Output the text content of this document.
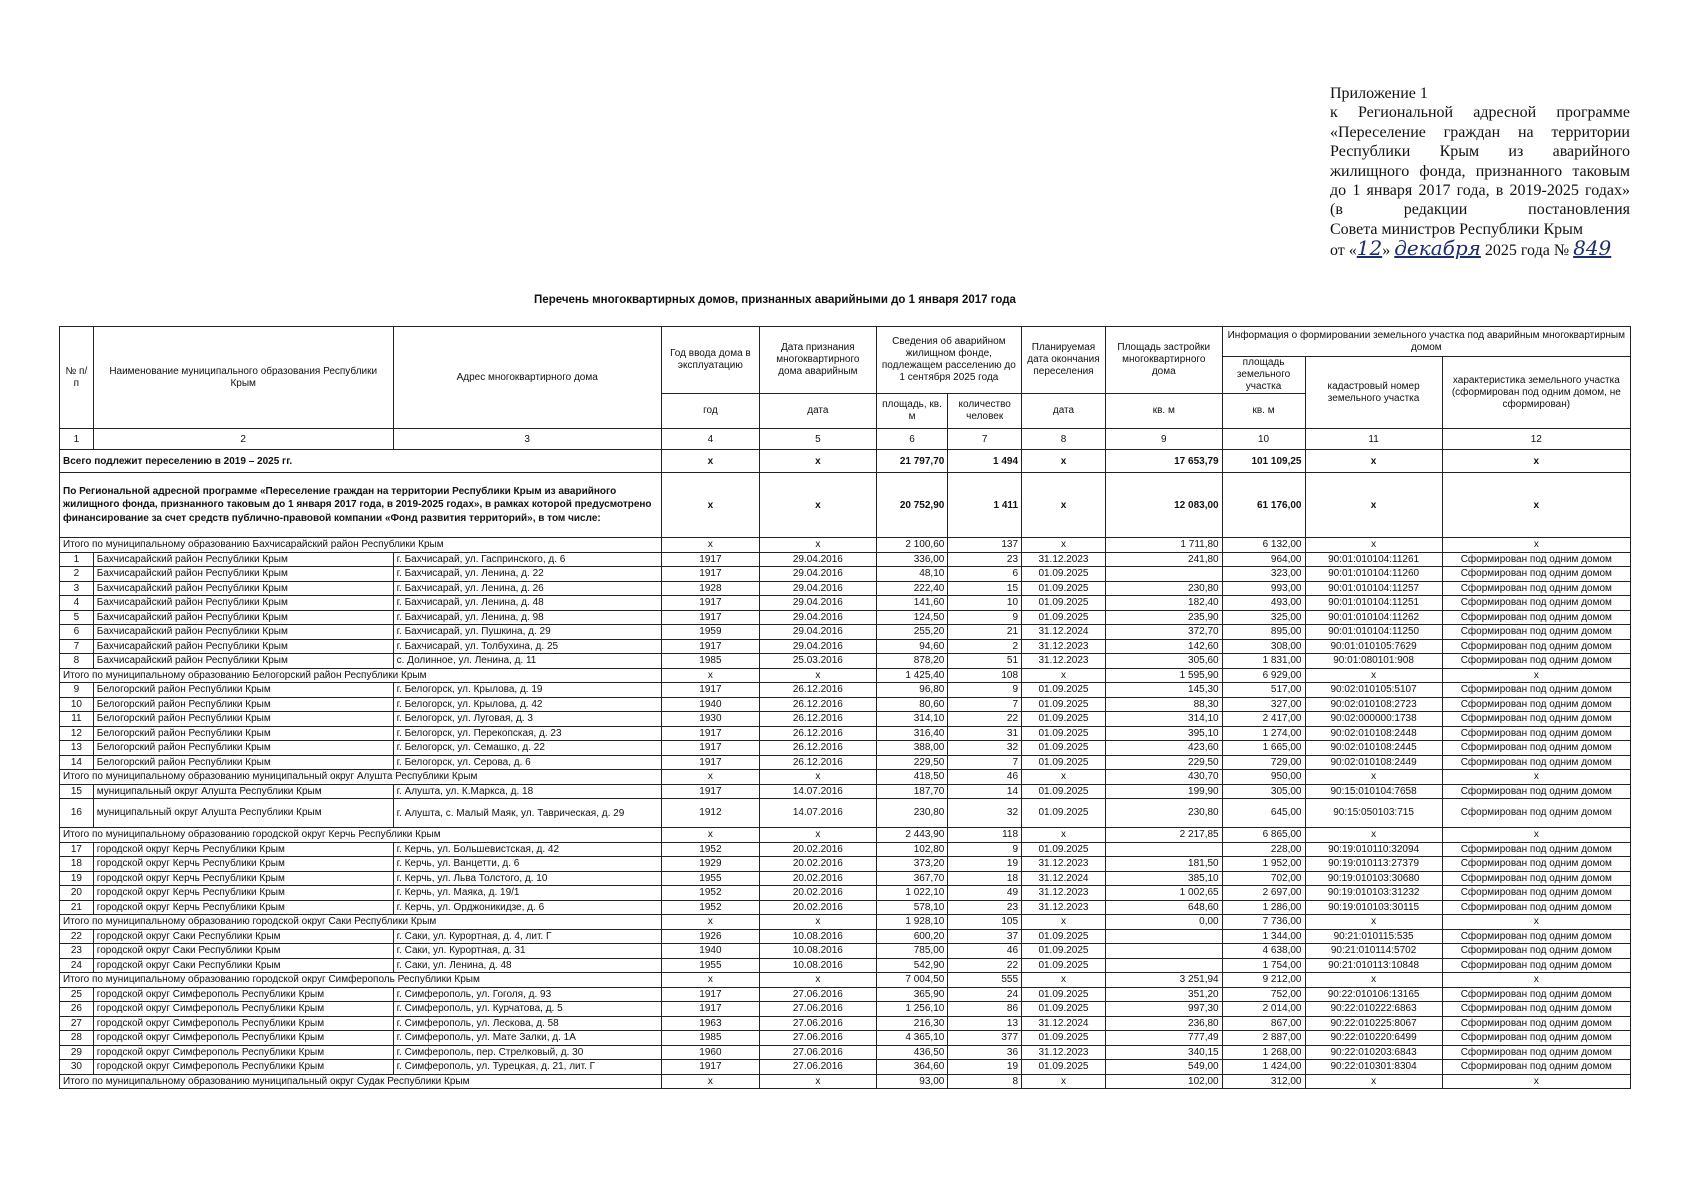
Приложение 1
к Региональной адресной программе
«Переселение граждан на территории
Республики Крым из аварийного
жилищного фонда, признанного таковым
до 1 января 2017 года, в 2019-2025 годах»
(в редакции постановления
Совета министров Республики Крым
от «12» декабря 2025 года № 849
Перечень многоквартирных домов, признанных аварийными до 1 января 2017 года
№ п/п	Наименование муниципального образования Республики Крым	Адрес многоквартирного дома	Год ввода дома в эксплуатацию	Дата признания многоквартирного дома аварийным	Сведения об аварийном жилищном фонде, подлежащем расселению до 1 сентября 2025 года		Планируемая дата окончания переселения	Площадь застройки многоквартирного дома	Информация о формировании земельного участка под аварийным многоквартирным домом		
									площадь земельного участка	кадастровый номер земельного участка	характеристика земельного участка (сформирован под одним домом, не сформирован)
			год	дата	площадь, кв. м	количество человек	дата	кв. м	кв. м		
1	2	3	4	5	6	7	8	9	10	11	12
Всего подлежит переселению в 2019 – 2025 гг.			х	х	21 797,70	1 494	х	17 653,79	101 109,25	х	х
По Региональной адресной программе «Переселение граждан на территории Республики Крым из аварийного жилищного фонда, признанного таковым до 1 января 2017 года, в 2019-2025 годах», в рамках которой предусмотрено финансирование за счет средств публично-правовой компании «Фонд развития территорий», в том числе:			х	х	20 752,90	1 411	х	12 083,00	61 176,00	х	х
Итого по муниципальному образованию Бахчисарайский район Республики Крым			х	х	2 100,60	137	х	1 711,80	6 132,00	х	х
1	Бахчисарайский район Республики Крым	г. Бахчисарай, ул. Гаспринского, д. 6	1917	29.04.2016	336,00	23	31.12.2023	241,80	964,00	90:01:010104:11261	Сформирован под одним домом
2	Бахчисарайский район Республики Крым	г. Бахчисарай, ул. Ленина, д. 22	1917	29.04.2016	48,10	6	01.09.2025		323,00	90:01:010104:11260	Сформирован под одним домом
3	Бахчисарайский район Республики Крым	г. Бахчисарай, ул. Ленина, д. 26	1928	29.04.2016	222,40	15	01.09.2025	230,80	993,00	90:01:010104:11257	Сформирован под одним домом
4	Бахчисарайский район Республики Крым	г. Бахчисарай, ул. Ленина, д. 48	1917	29.04.2016	141,60	10	01.09.2025	182,40	493,00	90:01:010104:11251	Сформирован под одним домом
5	Бахчисарайский район Республики Крым	г. Бахчисарай, ул. Ленина, д. 98	1917	29.04.2016	124,50	9	01.09.2025	235,90	325,00	90:01:010104:11262	Сформирован под одним домом
6	Бахчисарайский район Республики Крым	г. Бахчисарай, ул. Пушкина, д. 29	1959	29.04.2016	255,20	21	31.12.2024	372,70	895,00	90:01:010104:11250	Сформирован под одним домом
7	Бахчисарайский район Республики Крым	г. Бахчисарай, ул. Толбухина, д. 25	1917	29.04.2016	94,60	2	31.12.2023	142,60	308,00	90:01:010105:7629	Сформирован под одним домом
8	Бахчисарайский район Республики Крым	с. Долинное, ул. Ленина, д. 11	1985	25.03.2016	878,20	51	31.12.2023	305,60	1 831,00	90:01:080101:908	Сформирован под одним домом
Итого по муниципальному образованию Белогорский район Республики Крым			х	х	1 425,40	108	х	1 595,90	6 929,00	х	х
9	Белогорский район Республики Крым	г. Белогорск, ул. Крылова, д. 19	1917	26.12.2016	96,80	9	01.09.2025	145,30	517,00	90:02:010105:5107	Сформирован под одним домом
10	Белогорский район Республики Крым	г. Белогорск, ул. Крылова, д. 42	1940	26.12.2016	80,60	7	01.09.2025	88,30	327,00	90:02:010108:2723	Сформирован под одним домом
11	Белогорский район Республики Крым	г. Белогорск, ул. Луговая, д. 3	1930	26.12.2016	314,10	22	01.09.2025	314,10	2 417,00	90:02:000000:1738	Сформирован под одним домом
12	Белогорский район Республики Крым	г. Белогорск, ул. Перекопская, д. 23	1917	26.12.2016	316,40	31	01.09.2025	395,10	1 274,00	90:02:010108:2448	Сформирован под одним домом
13	Белогорский район Республики Крым	г. Белогорск, ул. Семашко, д. 22	1917	26.12.2016	388,00	32	01.09.2025	423,60	1 665,00	90:02:010108:2445	Сформирован под одним домом
14	Белогорский район Республики Крым	г. Белогорск, ул. Серова, д. 6	1917	26.12.2016	229,50	7	01.09.2025	229,50	729,00	90:02:010108:2449	Сформирован под одним домом
Итого по муниципальному образованию муниципальный округ Алушта Республики Крым			х	х	418,50	46	х	430,70	950,00	х	х
15	муниципальный округ Алушта Республики Крым	г. Алушта, ул. К.Маркса, д. 18	1917	14.07.2016	187,70	14	01.09.2025	199,90	305,00	90:15:010104:7658	Сформирован под одним домом
16	муниципальный округ Алушта Республики Крым	г. Алушта, с. Малый Маяк, ул. Таврическая, д. 29	1912	14.07.2016	230,80	32	01.09.2025	230,80	645,00	90:15:050103:715	Сформирован под одним домом
Итого по муниципальному образованию городской округ Керчь Республики Крым			х	х	2 443,90	118	х	2 217,85	6 865,00	х	х
17	городской округ Керчь Республики Крым	г. Керчь, ул. Большевистская, д. 42	1952	20.02.2016	102,80	9	01.09.2025		228,00	90:19:010110:32094	Сформирован под одним домом
18	городской округ Керчь Республики Крым	г. Керчь, ул. Ванцетти, д. 6	1929	20.02.2016	373,20	19	31.12.2023	181,50	1 952,00	90:19:010113:27379	Сформирован под одним домом
19	городской округ Керчь Республики Крым	г. Керчь, ул. Льва Толстого, д. 10	1955	20.02.2016	367,70	18	31.12.2024	385,10	702,00	90:19:010103:30680	Сформирован под одним домом
20	городской округ Керчь Республики Крым	г. Керчь, ул. Маяка, д. 19/1	1952	20.02.2016	1 022,10	49	31.12.2023	1 002,65	2 697,00	90:19:010103:31232	Сформирован под одним домом
21	городской округ Керчь Республики Крым	г. Керчь, ул. Орджоникидзе, д. 6	1952	20.02.2016	578,10	23	31.12.2023	648,60	1 286,00	90:19:010103:30115	Сформирован под одним домом
Итого по муниципальному образованию городской округ Саки Республики Крым			х	х	1 928,10	105	х	0,00	7 736,00	х	х
22	городской округ Саки Республики Крым	г. Саки, ул. Курортная, д. 4, лит. Г	1926	10.08.2016	600,20	37	01.09.2025		1 344,00	90:21:010115:535	Сформирован под одним домом
23	городской округ Саки Республики Крым	г. Саки, ул. Курортная, д. 31	1940	10.08.2016	785,00	46	01.09.2025		4 638,00	90:21:010114:5702	Сформирован под одним домом
24	городской округ Саки Республики Крым	г. Саки, ул. Ленина, д. 48	1955	10.08.2016	542,90	22	01.09.2025		1 754,00	90:21:010113:10848	Сформирован под одним домом
Итого по муниципальному образованию городской округ Симферополь Республики Крым			х	х	7 004,50	555	х	3 251,94	9 212,00	х	х
25	городской округ Симферополь Республики Крым	г. Симферополь, ул. Гоголя, д. 93	1917	27.06.2016	365,90	24	01.09.2025	351,20	752,00	90:22:010106:13165	Сформирован под одним домом
26	городской округ Симферополь Республики Крым	г. Симферополь, ул. Курчатова, д. 5	1917	27.06.2016	1 256,10	86	01.09.2025	997,30	2 014,00	90:22:010222:6863	Сформирован под одним домом
27	городской округ Симферополь Республики Крым	г. Симферополь, ул. Лескова, д. 58	1963	27.06.2016	216,30	13	31.12.2024	236,80	867,00	90:22:010225:8067	Сформирован под одним домом
28	городской округ Симферополь Республики Крым	г. Симферополь, ул. Мате Залки, д. 1А	1985	27.06.2016	4 365,10	377	01.09.2025	777,49	2 887,00	90:22:010220:6499	Сформирован под одним домом
29	городской округ Симферополь Республики Крым	г. Симферополь, пер. Стрелковый, д. 30	1960	27.06.2016	436,50	36	31.12.2023	340,15	1 268,00	90:22:010203:6843	Сформирован под одним домом
30	городской округ Симферополь Республики Крым	г. Симферополь, ул. Турецкая, д. 21, лит. Г	1917	27.06.2016	364,60	19	01.09.2025	549,00	1 424,00	90:22:010301:8304	Сформирован под одним домом
Итого по муниципальному образованию муниципальный округ Судак Республики Крым			х	х	93,00	8	х	102,00	312,00	х	х
